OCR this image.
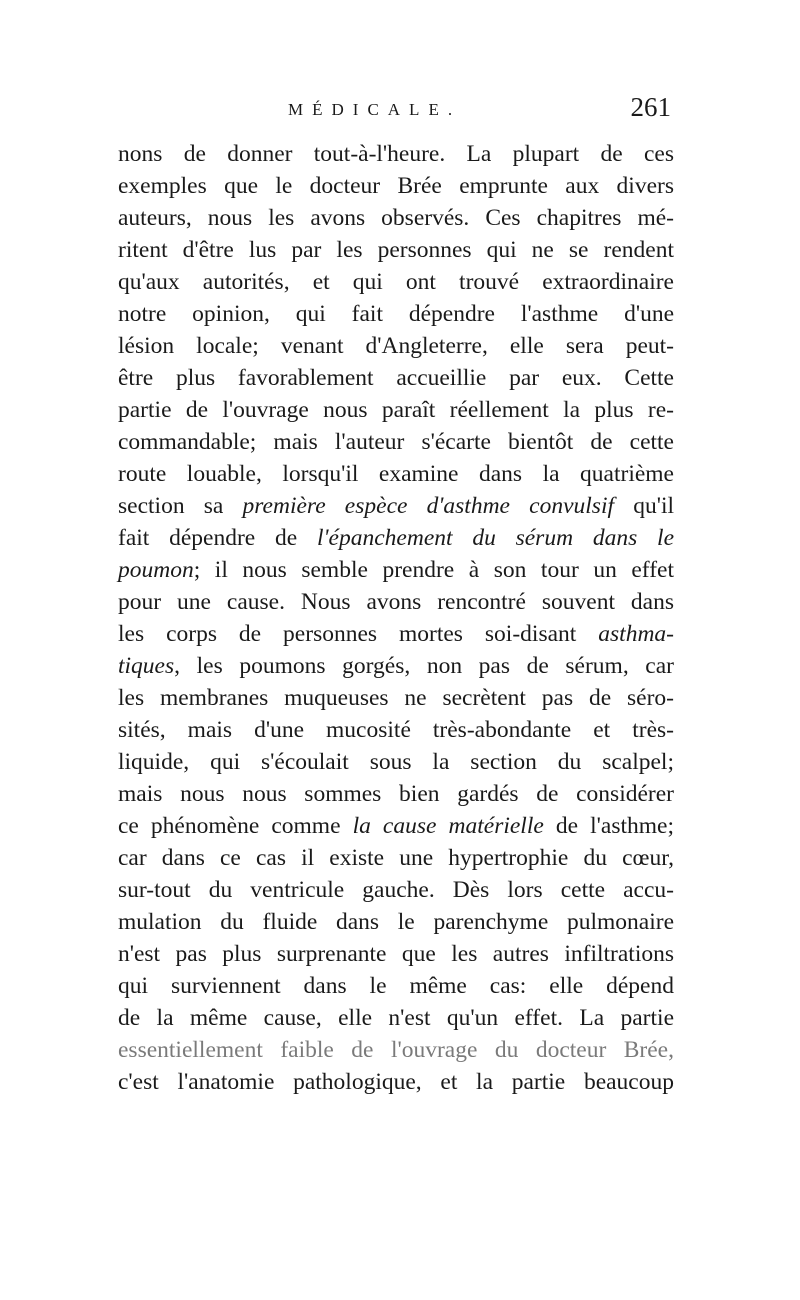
MÉDICALE.	261
nons de donner tout-à-l'heure. La plupart de ces
exemples que le docteur Brée emprunte aux divers
auteurs, nous les avons observés. Ces chapitres mé-
ritent d'être lus par les personnes qui ne se rendent
qu'aux autorités, et qui ont trouvé extraordinaire
notre opinion, qui fait dépendre l'asthme d'une
lésion locale; venant d'Angleterre, elle sera peut-
être plus favorablement accueillie par eux. Cette
partie de l'ouvrage nous paraît réellement la plus re-
commandable; mais l'auteur s'écarte bientôt de cette
route louable, lorsqu'il examine dans la quatrième
section sa première espèce d'asthme convulsif qu'il
fait dépendre de l'épanchement du sérum dans le
poumon; il nous semble prendre à son tour un effet
pour une cause. Nous avons rencontré souvent dans
les corps de personnes mortes soi-disant asthma-
tiques, les poumons gorgés, non pas de sérum, car
les membranes muqueuses ne secrètent pas de séro-
sités, mais d'une mucosité très-abondante et très-
liquide, qui s'écoulait sous la section du scalpel;
mais nous nous sommes bien gardés de considérer
ce phénomène comme la cause matérielle de l'asthme;
car dans ce cas il existe une hypertrophie du cœur,
sur-tout du ventricule gauche. Dès lors cette accu-
mulation du fluide dans le parenchyme pulmonaire
n'est pas plus surprenante que les autres infiltrations
qui surviennent dans le même cas: elle dépend
de la même cause, elle n'est qu'un effet. La partie
essentiellement faible de l'ouvrage du docteur Brée,
c'est l'anatomie pathologique, et la partie beaucoup
